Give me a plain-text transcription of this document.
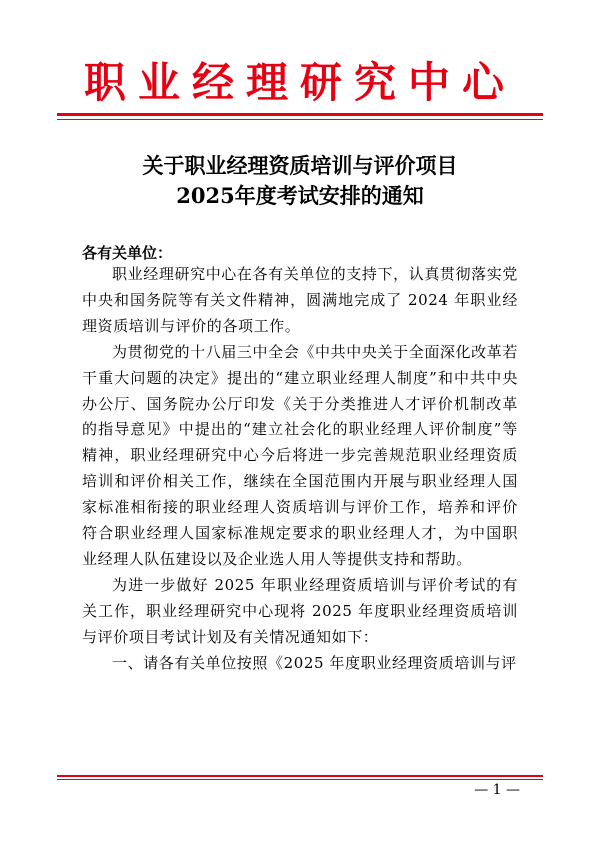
职业经理研究中心
关于职业经理资质培训与评价项目
2025年度考试安排的通知
各有关单位：

职业经理研究中心在各有关单位的支持下，认真贯彻落实党中央和国务院等有关文件精神，圆满地完成了 2024 年职业经理资质培训与评价的各项工作。

为贯彻党的十八届三中全会《中共中央关于全面深化改革若干重大问题的决定》提出的“建立职业经理人制度”和中共中央办公厅、国务院办公厅印发《关于分类推进人才评价机制改革的指导意见》中提出的“建立社会化的职业经理人评价制度”等精神，职业经理研究中心今后将进一步完善规范职业经理资质培训和评价相关工作，继续在全国范围内开展与职业经理人国家标准相衔接的职业经理人资质培训与评价工作，培养和评价符合职业经理人国家标准规定要求的职业经理人才，为中国职业经理人队伍建设以及企业选人用人等提供支持和帮助。

为进一步做好 2025 年职业经理资质培训与评价考试的有关工作，职业经理研究中心现将 2025 年度职业经理资质培训与评价项目考试计划及有关情况通知如下：

一、请各有关单位按照《2025 年度职业经理资质培训与评

— 1 —
